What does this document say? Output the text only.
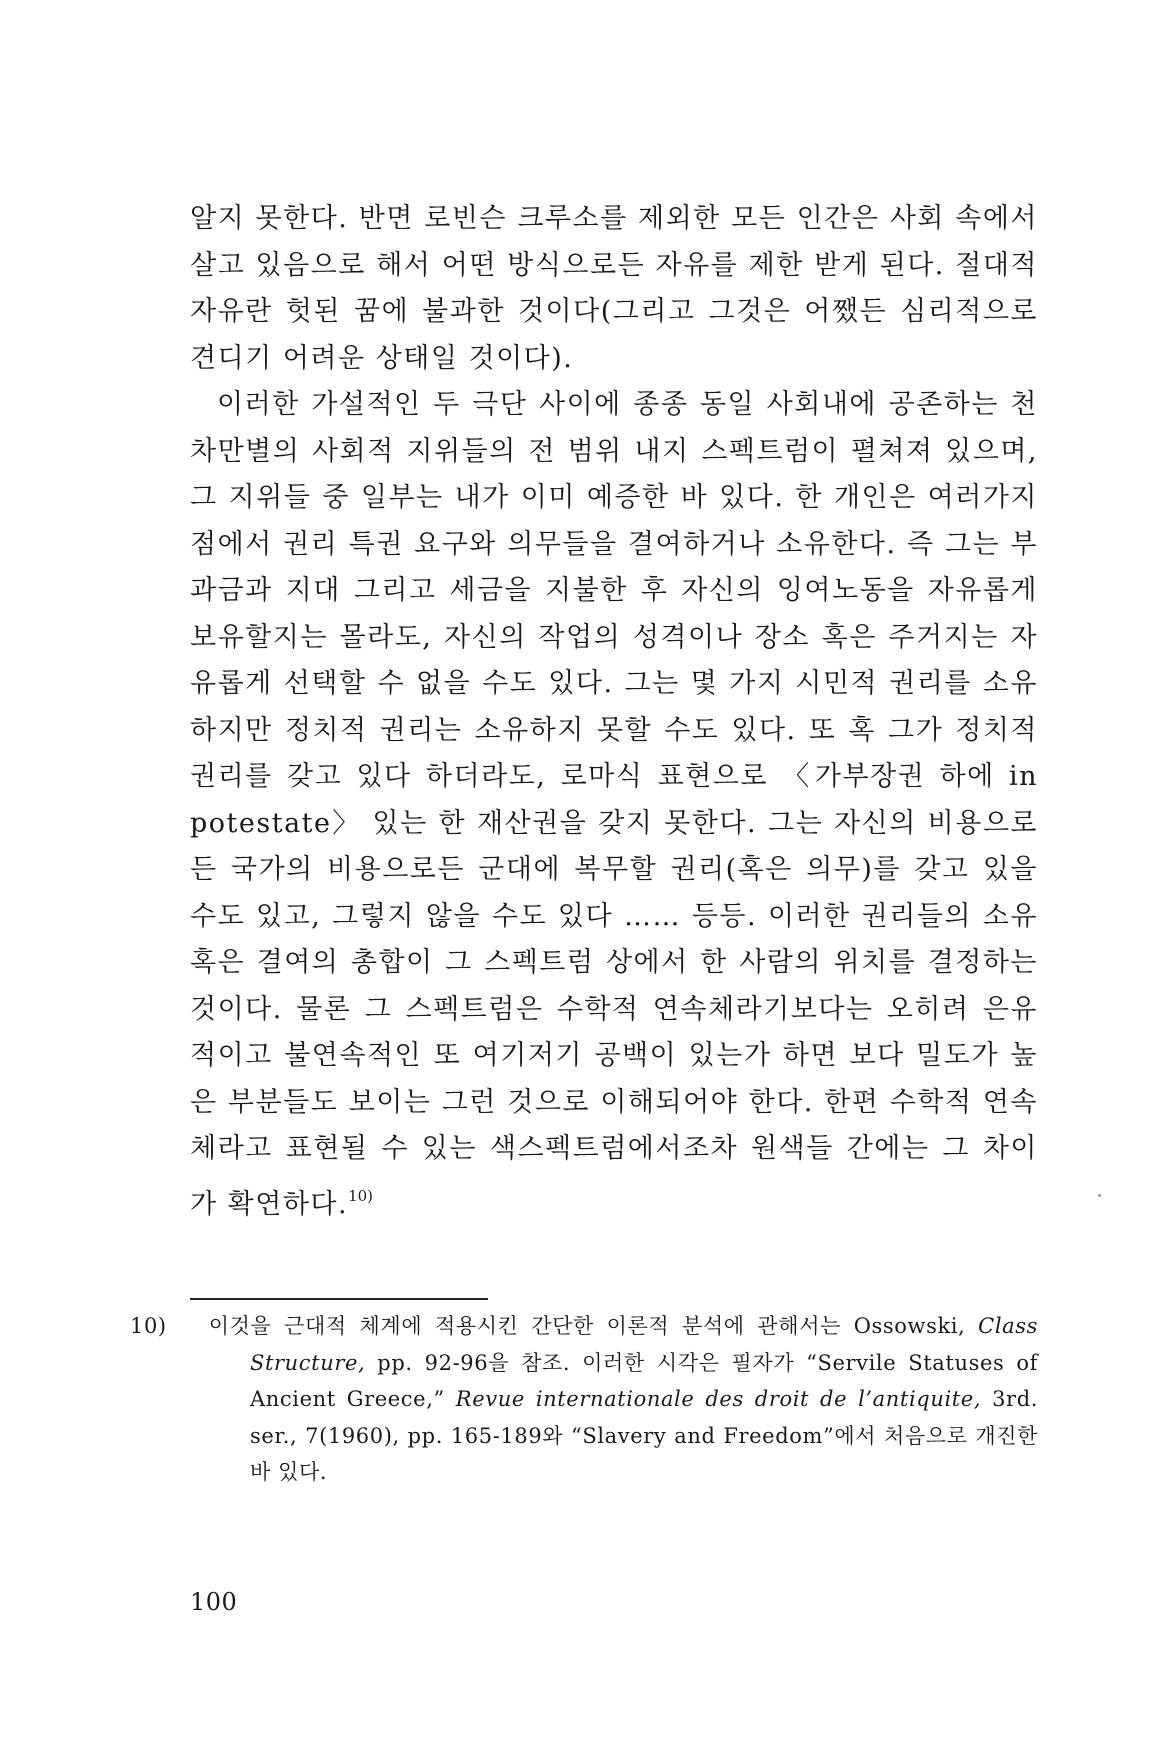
알지 못한다. 반면 로빈슨 크루소를 제외한 모든 인간은 사회 속에서 살고 있음으로 해서 어떤 방식으로든 자유를 제한 받게 된다. 절대적 자유란 헛된 꿈에 불과한 것이다(그리고 그것은 어쨌든 심리적으로 견디기 어려운 상태일 것이다).

이러한 가설적인 두 극단 사이에 종종 동일 사회내에 공존하는 천차만별의 사회적 지위들의 전 범위 내지 스펙트럼이 펼쳐져 있으며, 그 지위들 중 일부는 내가 이미 예증한 바 있다. 한 개인은 여러가지 점에서 권리 특권 요구와 의무들을 결여하거나 소유한다. 즉 그는 부과금과 지대 그리고 세금을 지불한 후 자신의 잉여노동을 자유롭게 보유할지는 몰라도, 자신의 작업의 성격이나 장소 혹은 주거지는 자유롭게 선택할 수 없을 수도 있다. 그는 몇 가지 시민적 권리를 소유하지만 정치적 권리는 소유하지 못할 수도 있다. 또 혹 그가 정치적 권리를 갖고 있다 하더라도, 로마식 표현으로 〈가부장권 하에 in potestate〉 있는 한 재산권을 갖지 못한다. 그는 자신의 비용으로든 국가의 비용으로든 군대에 복무할 권리(혹은 의무)를 갖고 있을 수도 있고, 그렇지 않을 수도 있다 …… 등등. 이러한 권리들의 소유 혹은 결여의 총합이 그 스펙트럼 상에서 한 사람의 위치를 결정하는 것이다. 물론 그 스펙트럼은 수학적 연속체라기보다는 오히려 은유적이고 불연속적인 또 여기저기 공백이 있는가 하면 보다 밀도가 높은 부분들도 보이는 그런 것으로 이해되어야 한다. 한편 수학적 연속체라고 표현될 수 있는 색스펙트럼에서조차 원색들 간에는 그 차이가 확연하다.$^{10)}$

10) 이것을 근대적 체계에 적용시킨 간단한 이론적 분석에 관해서는 Ossowski, Class Structure, pp. 92-96을 참조. 이러한 시각은 필자가 “Servile Statuses of Ancient Greece,” Revue internationale des droit de l’antiquite, 3rd. ser., 7(1960), pp. 165-189와 “Slavery and Freedom”에서 처음으로 개진한 바 있다.
100
